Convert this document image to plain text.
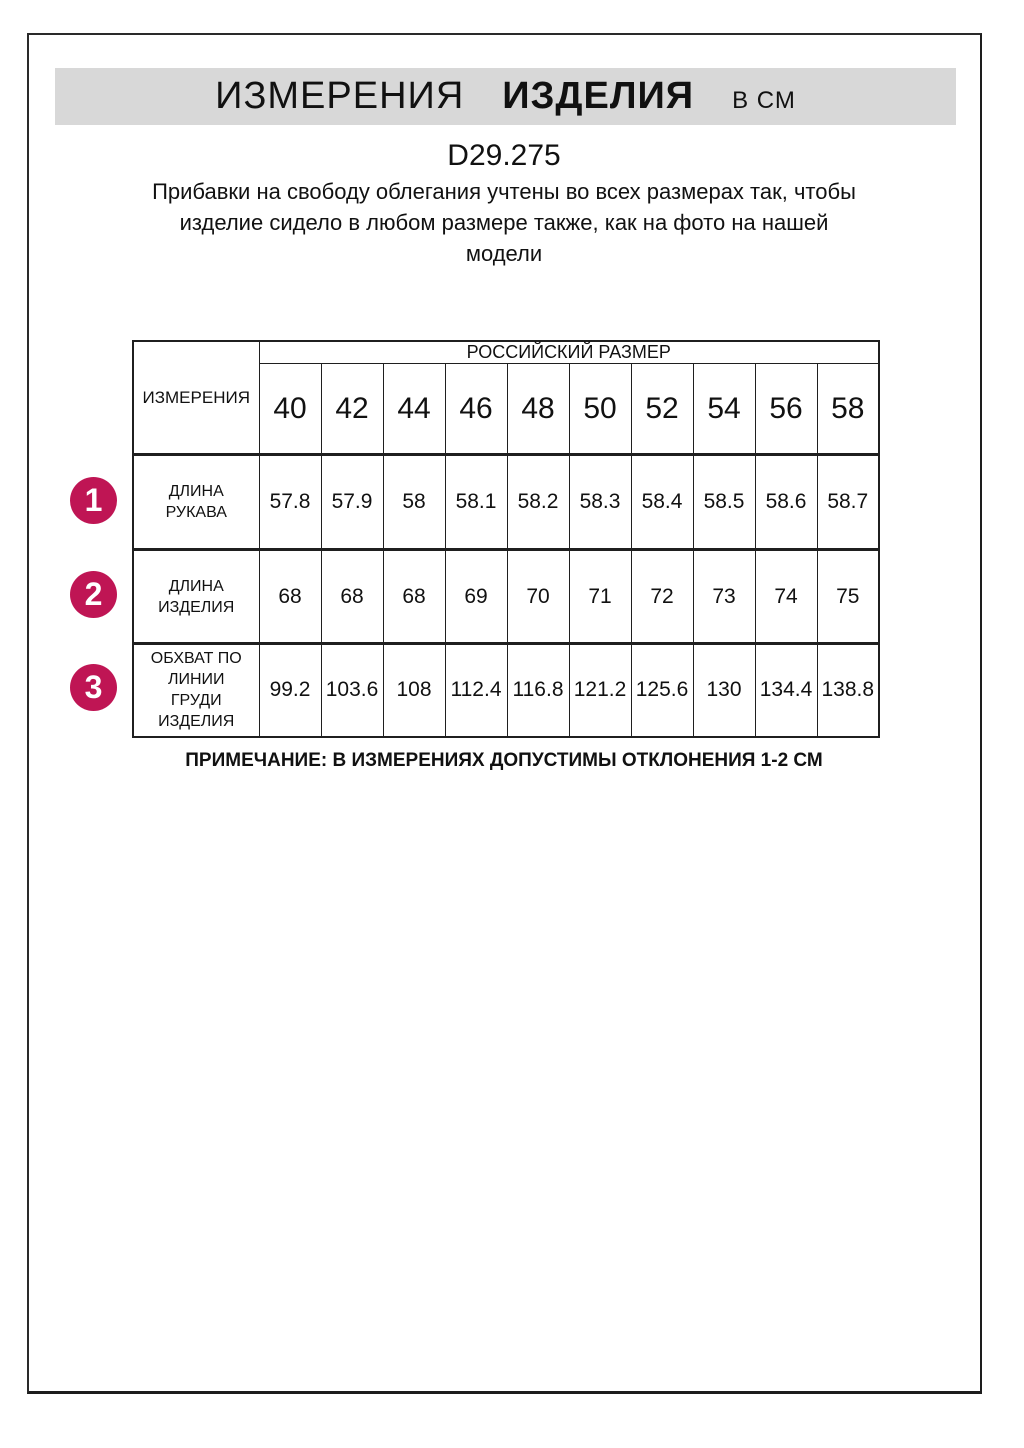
ИЗМЕРЕНИЯ ИЗДЕЛИЯ В СМ
D29.275
Прибавки на свободу облегания учтены во всех размерах так, чтобы
изделие сидело в любом размере также, как на фото на нашей
модели
ИЗМЕРЕНИЯ	РОССИЙСКИЙ РАЗМЕР									
	40	42	44	46	48	50	52	54	56	58
ДЛИНА РУКАВА	57.8	57.9	58	58.1	58.2	58.3	58.4	58.5	58.6	58.7
ДЛИНА ИЗДЕЛИЯ	68	68	68	69	70	71	72	73	74	75
ОБХВАТ ПО ЛИНИИ ГРУДИ ИЗДЕЛИЯ	99.2	103.6	108	112.4	116.8	121.2	125.6	130	134.4	138.8
1
2
3
ПРИМЕЧАНИЕ: В ИЗМЕРЕНИЯХ ДОПУСТИМЫ ОТКЛОНЕНИЯ 1-2 СМ
